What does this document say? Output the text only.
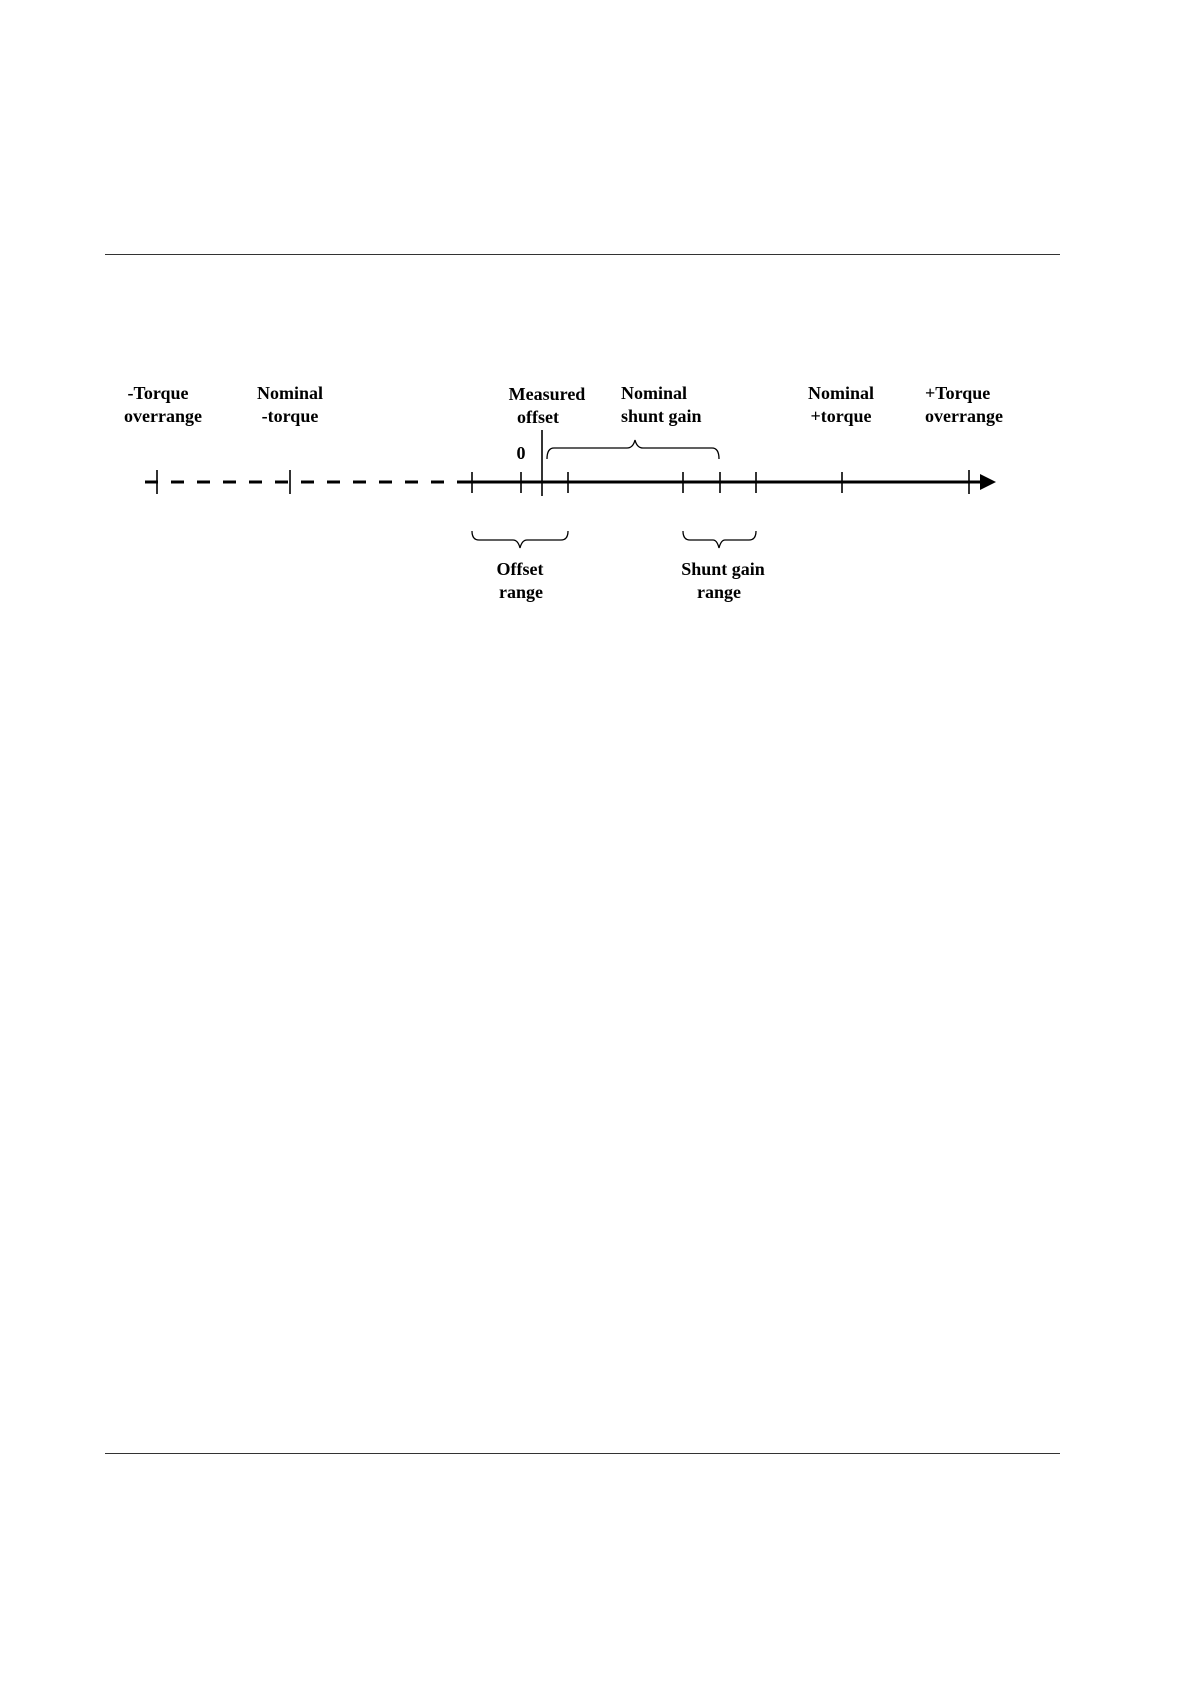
-Torque
overrange
Nominal
-torque
Measured
offset
0
Nominal
shunt gain
Nominal
+torque
+Torque
overrange
Offset
range
Shunt gain
range
